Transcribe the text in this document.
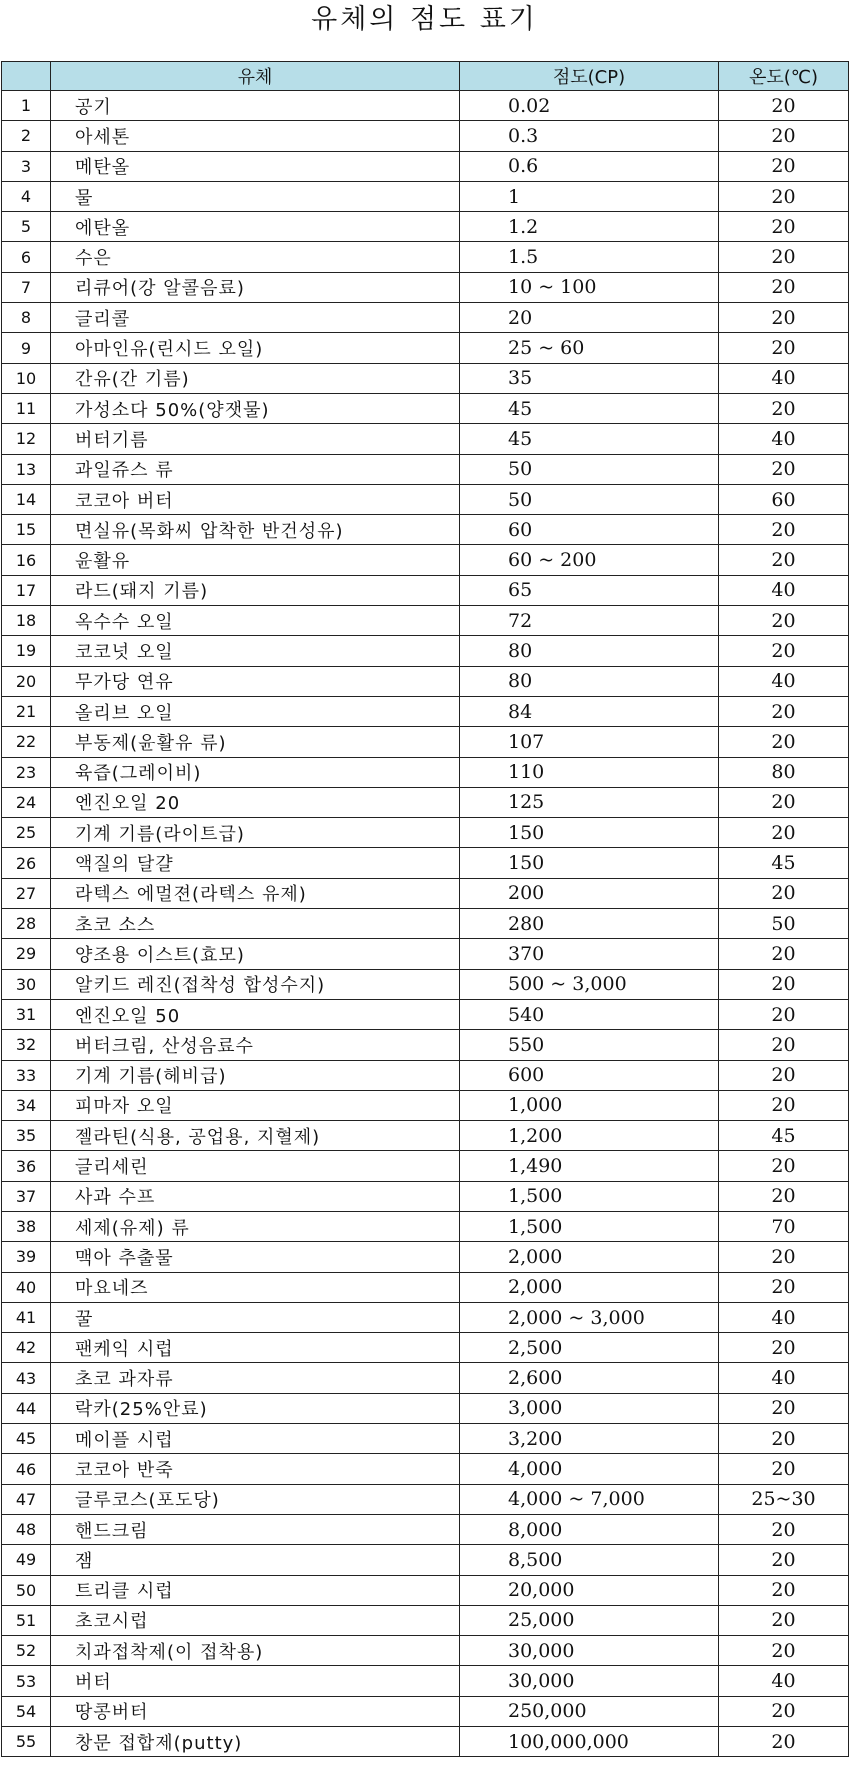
유체의 점도 표기
	유체	점도(CP)	온도(℃)
1	공기	0.02	20
2	아세톤	0.3	20
3	메탄올	0.6	20
4	물	1	20
5	에탄올	1.2	20
6	수은	1.5	20
7	리큐어(강 알콜음료)	10 ~ 100	20
8	글리콜	20	20
9	아마인유(린시드 오일)	25 ~ 60	20
10	간유(간 기름)	35	40
11	가성소다 50%(양잿물)	45	20
12	버터기름	45	40
13	과일쥬스 류	50	20
14	코코아 버터	50	60
15	면실유(목화씨 압착한 반건성유)	60	20
16	윤활유	60 ~ 200	20
17	라드(돼지 기름)	65	40
18	옥수수 오일	72	20
19	코코넛 오일	80	20
20	무가당 연유	80	40
21	올리브 오일	84	20
22	부동제(윤활유 류)	107	20
23	육즙(그레이비)	110	80
24	엔진오일 20	125	20
25	기계 기름(라이트급)	150	20
26	액질의 달걀	150	45
27	라텍스 에멀젼(라텍스 유제)	200	20
28	초코 소스	280	50
29	양조용 이스트(효모)	370	20
30	알키드 레진(접착성 합성수지)	500 ~ 3,000	20
31	엔진오일 50	540	20
32	버터크림, 산성음료수	550	20
33	기계 기름(헤비급)	600	20
34	피마자 오일	1,000	20
35	젤라틴(식용, 공업용, 지혈제)	1,200	45
36	글리세린	1,490	20
37	사과 수프	1,500	20
38	세제(유제) 류	1,500	70
39	맥아 추출물	2,000	20
40	마요네즈	2,000	20
41	꿀	2,000 ~ 3,000	40
42	팬케익 시럽	2,500	20
43	초코 과자류	2,600	40
44	락카(25%안료)	3,000	20
45	메이플 시럽	3,200	20
46	코코아 반죽	4,000	20
47	글루코스(포도당)	4,000 ~ 7,000	25~30
48	핸드크림	8,000	20
49	잼	8,500	20
50	트리클 시럽	20,000	20
51	초코시럽	25,000	20
52	치과접착제(이 접착용)	30,000	20
53	버터	30,000	40
54	땅콩버터	250,000	20
55	창문 접합제(putty)	100,000,000	20
